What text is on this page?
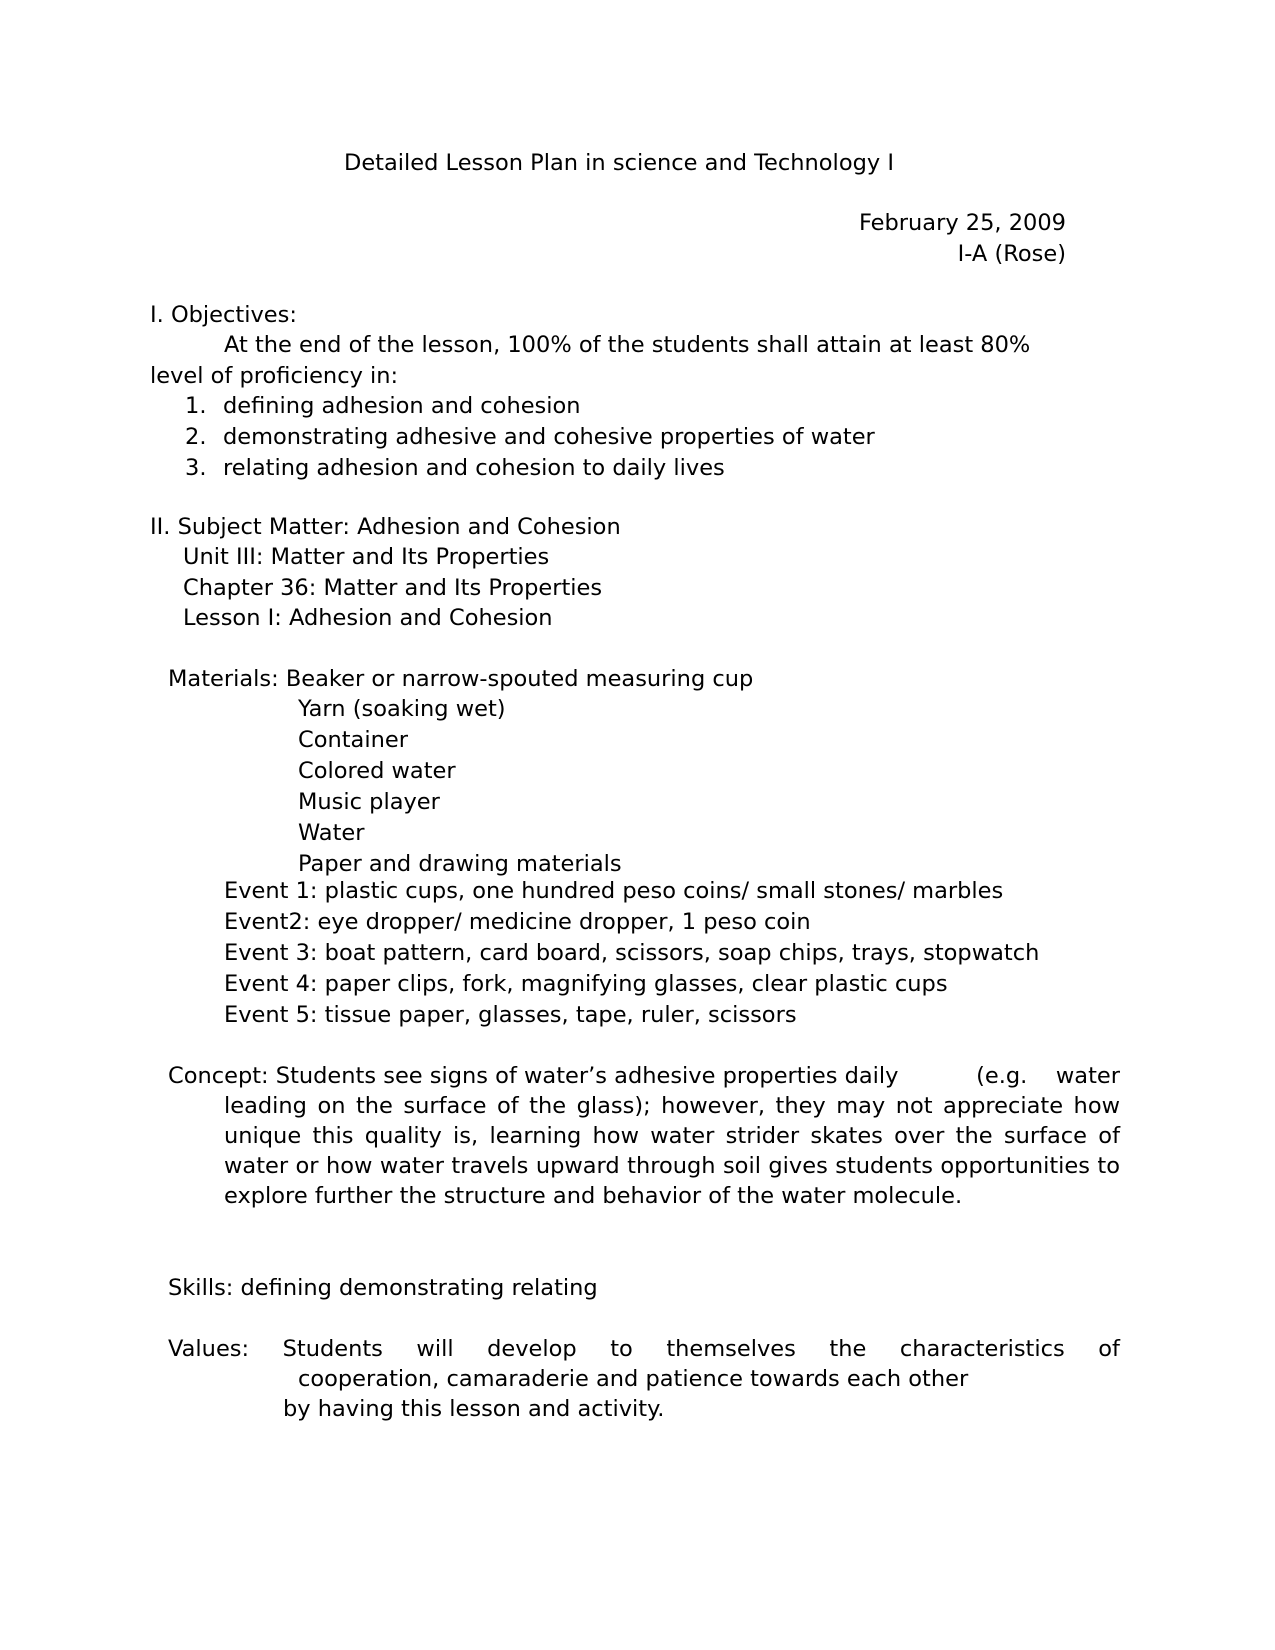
Detailed Lesson Plan in science and Technology I
February 25, 2009
I-A (Rose)
I. Objectives:
At the end of the lesson, 100% of the students shall attain at least 80%
level of proficiency in:
1. defining adhesion and cohesion
2. demonstrating adhesive and cohesive properties of water
3. relating adhesion and cohesion to daily lives
II. Subject Matter: Adhesion and Cohesion
Unit III: Matter and Its Properties
Chapter 36: Matter and Its Properties
Lesson I: Adhesion and Cohesion
Materials: Beaker or narrow-spouted measuring cup
Yarn (soaking wet)
Container
Colored water
Music player
Water
Paper and drawing materials
Event 1: plastic cups, one hundred peso coins/ small stones/ marbles
Event2: eye dropper/ medicine dropper, 1 peso coin
Event 3: boat pattern, card board, scissors, soap chips, trays, stopwatch
Event 4: paper clips, fork, magnifying glasses, clear plastic cups
Event 5: tissue paper, glasses, tape, ruler, scissors
Concept: Students see signs of water’s adhesive properties daily	(e.g.    water
leading on the surface of the glass); however, they may not appreciate how unique this quality is, learning how water strider skates over the surface of water or how water travels upward through soil gives students opportunities to explore further the structure and behavior of the water molecule.
Skills: defining demonstrating relating
Values: Students will develop to themselves the characteristics of
cooperation, camaraderie and patience towards each other
by having this lesson and activity.
